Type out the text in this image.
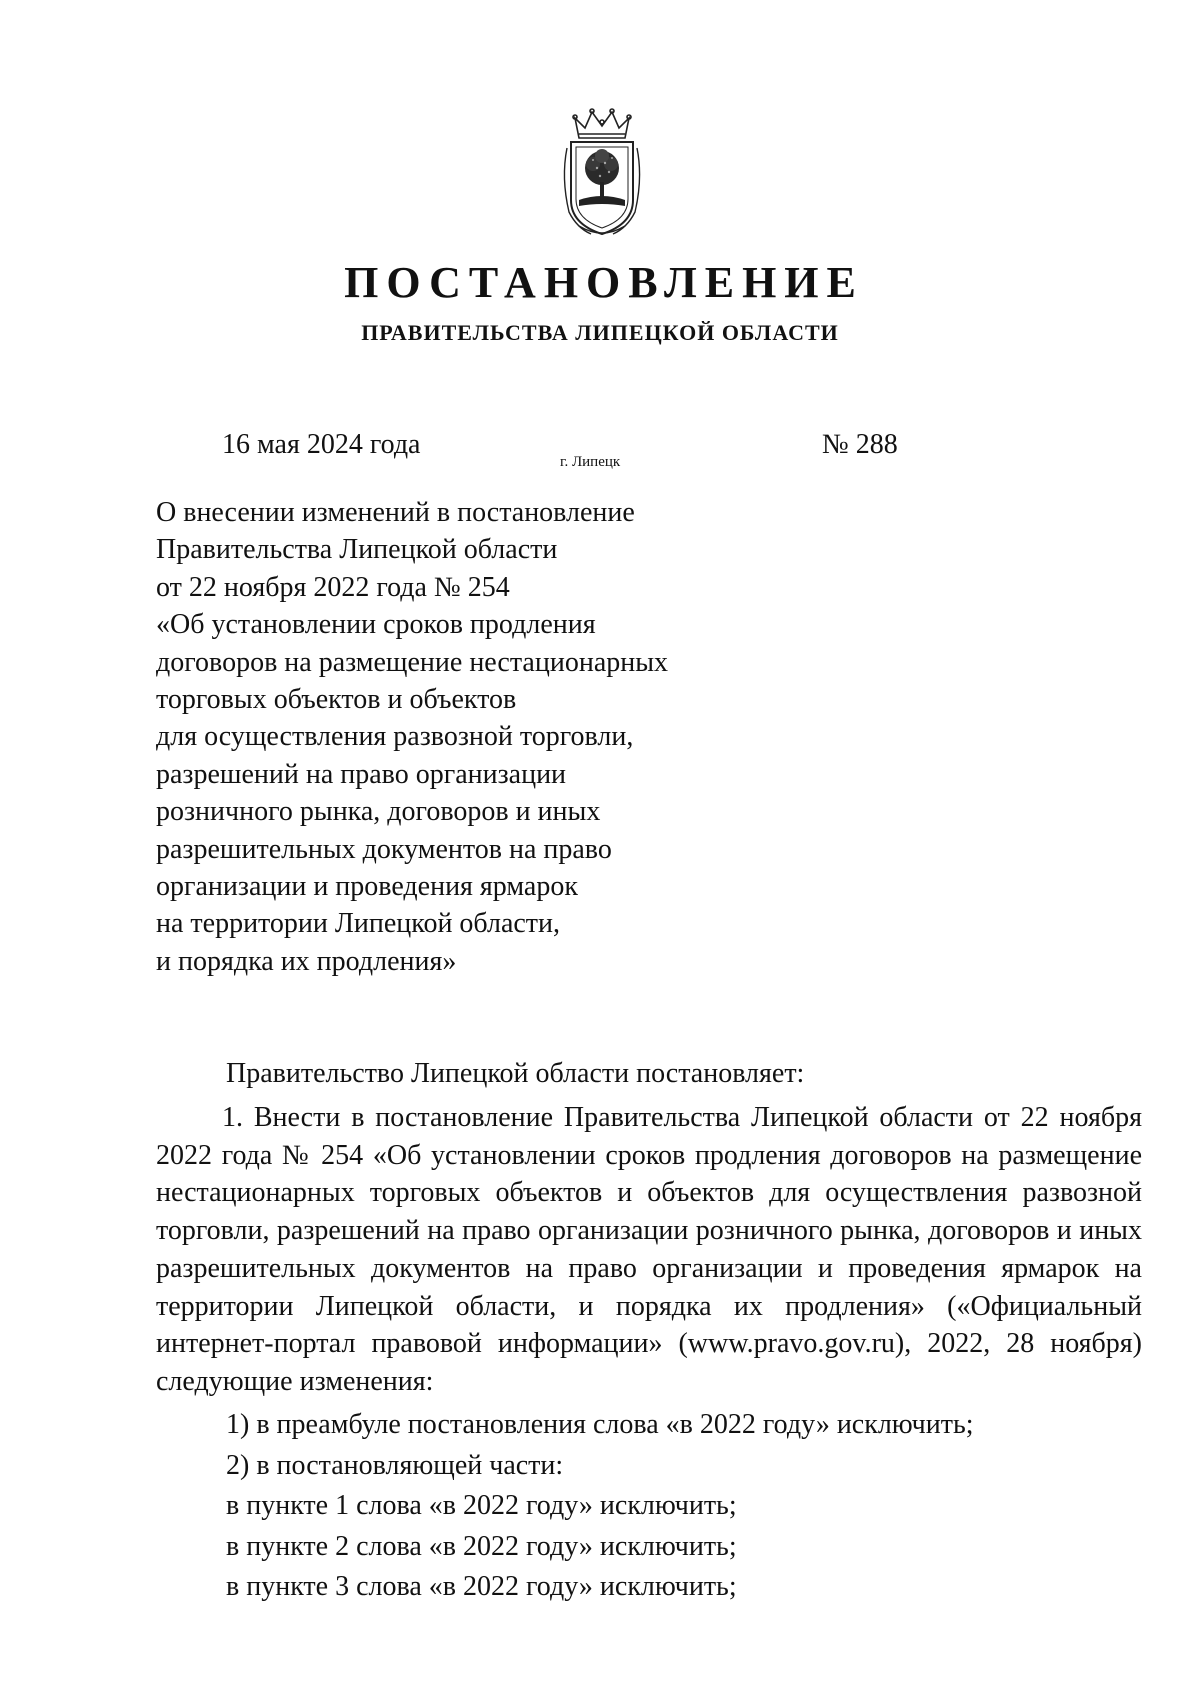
ПОСТАНОВЛЕНИЕ
ПРАВИТЕЛЬСТВА ЛИПЕЦКОЙ ОБЛАСТИ
16 мая 2024 года
г. Липецк
№ 288
О внесении изменений в постановление
Правительства Липецкой области
от 22 ноября 2022 года № 254
«Об установлении сроков продления
договоров на размещение нестационарных
торговых объектов и объектов
для осуществления развозной торговли,
разрешений на право организации
розничного рынка, договоров и иных
разрешительных документов на право
организации и проведения ярмарок
на территории Липецкой области,
и порядка их продления»
Правительство Липецкой области постановляет:
1. Внести в постановление Правительства Липецкой области от 22 ноября 2022 года № 254 «Об установлении сроков продления договоров на размещение нестационарных торговых объектов и объектов для осуществления развозной торговли, разрешений на право организации розничного рынка, договоров и иных разрешительных документов на право организации и проведения ярмарок на территории Липецкой области, и порядка их продления» («Официальный интернет-портал правовой информации» (www.pravo.gov.ru), 2022, 28 ноября) следующие изменения:
1) в преамбуле постановления слова «в 2022 году» исключить;
2) в постановляющей части:
в пункте 1 слова «в 2022 году» исключить;
в пункте 2 слова «в 2022 году» исключить;
в пункте 3 слова «в 2022 году» исключить;
